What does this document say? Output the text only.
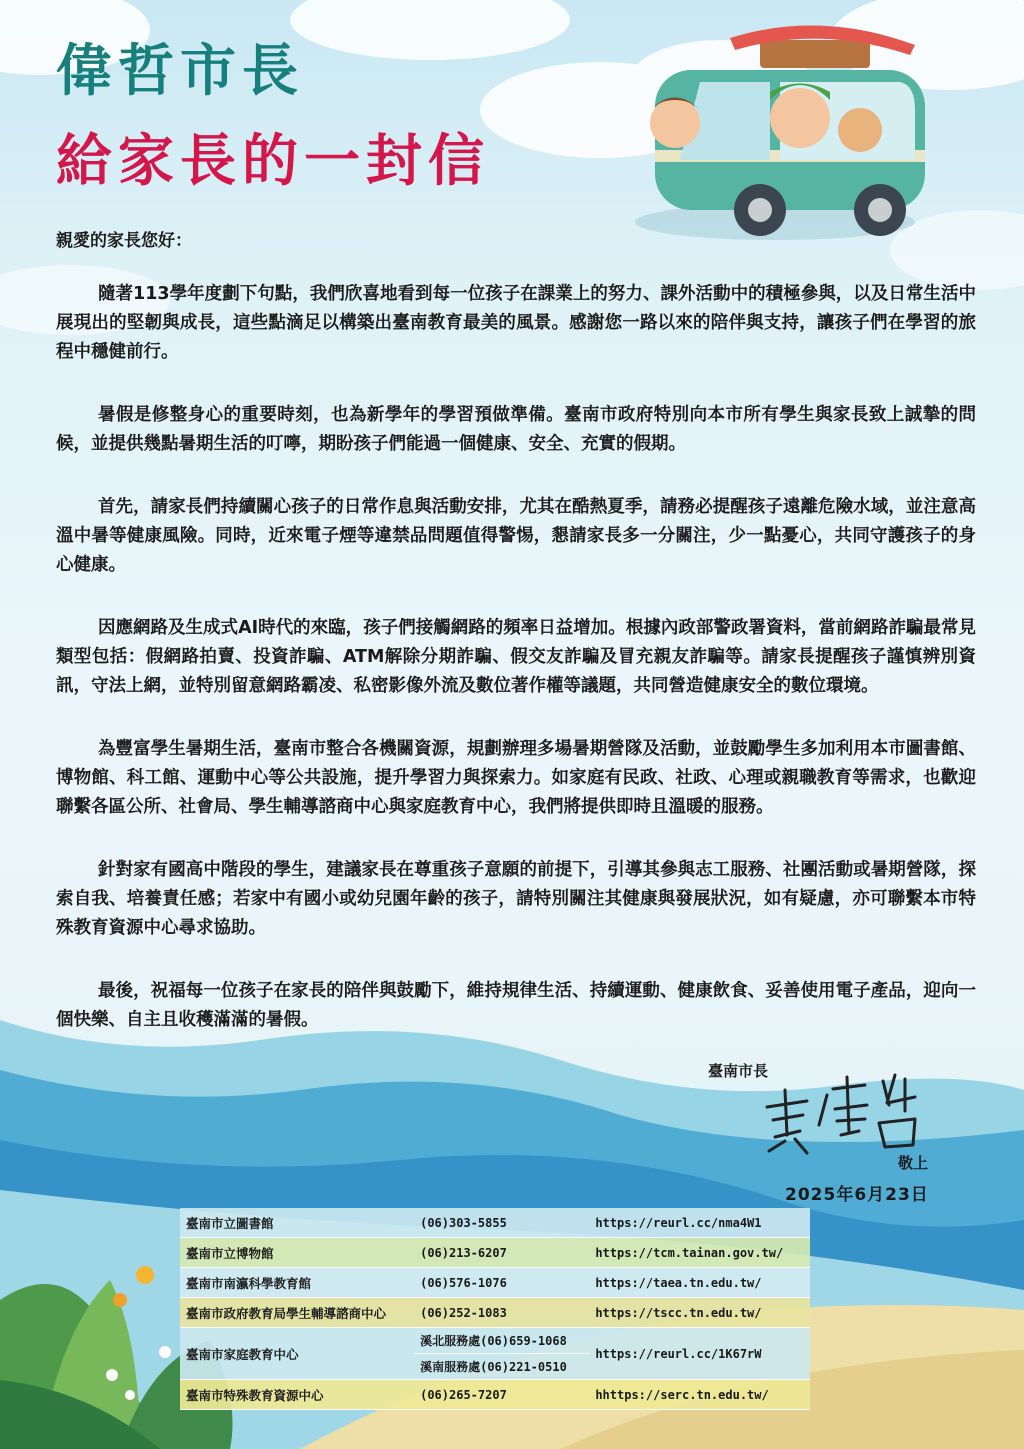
偉哲市長
給家長的一封信
親愛的家長您好：

隨著113學年度劃下句點，我們欣喜地看到每一位孩子在課業上的努力、課外活動中的積極參與，以及日常生活中展現出的堅韌與成長，這些點滴足以構築出臺南教育最美的風景。感謝您一路以來的陪伴與支持，讓孩子們在學習的旅程中穩健前行。

暑假是修整身心的重要時刻，也為新學年的學習預做準備。臺南市政府特別向本市所有學生與家長致上誠摯的問候，並提供幾點暑期生活的叮嚀，期盼孩子們能過一個健康、安全、充實的假期。

首先，請家長們持續關心孩子的日常作息與活動安排，尤其在酷熱夏季，請務必提醒孩子遠離危險水域，並注意高溫中暑等健康風險。同時，近來電子煙等違禁品問題值得警惕，懇請家長多一分關注，少一點憂心，共同守護孩子的身心健康。

因應網路及生成式AI時代的來臨，孩子們接觸網路的頻率日益增加。根據內政部警政署資料，當前網路詐騙最常見類型包括：假網路拍賣、投資詐騙、ATM解除分期詐騙、假交友詐騙及冒充親友詐騙等。請家長提醒孩子謹慎辨別資訊，守法上網，並特別留意網路霸凌、私密影像外流及數位著作權等議題，共同營造健康安全的數位環境。

為豐富學生暑期生活，臺南市整合各機關資源，規劃辦理多場暑期營隊及活動，並鼓勵學生多加利用本市圖書館、博物館、科工館、運動中心等公共設施，提升學習力與探索力。如家庭有民政、社政、心理或親職教育等需求，也歡迎聯繫各區公所、社會局、學生輔導諮商中心與家庭教育中心，我們將提供即時且溫暖的服務。

針對家有國高中階段的學生，建議家長在尊重孩子意願的前提下，引導其參與志工服務、社團活動或暑期營隊，探索自我、培養責任感；若家中有國小或幼兒園年齡的孩子，請特別關注其健康與發展狀況，如有疑慮，亦可聯繫本市特殊教育資源中心尋求協助。

最後，祝福每一位孩子在家長的陪伴與鼓勵下，維持規律生活、持續運動、健康飲食、妥善使用電子產品，迎向一個快樂、自主且收穫滿滿的暑假。

臺南市長
敬上
2025年6月23日
臺南市立圖書館	(06)303-5855	https://reurl.cc/nma4W1
臺南市立博物館	(06)213-6207	https://tcm.tainan.gov.tw/
臺南市南瀛科學教育館	(06)576-1076	https://taea.tn.edu.tw/
臺南市政府教育局學生輔導諮商中心	(06)252-1083	https://tscc.tn.edu.tw/
臺南市家庭教育中心	溪北服務處(06)659-1068	https://reurl.cc/1K67rW
	溪南服務處(06)221-0510	
臺南市特殊教育資源中心	(06)265-7207	hhttps://serc.tn.edu.tw/
